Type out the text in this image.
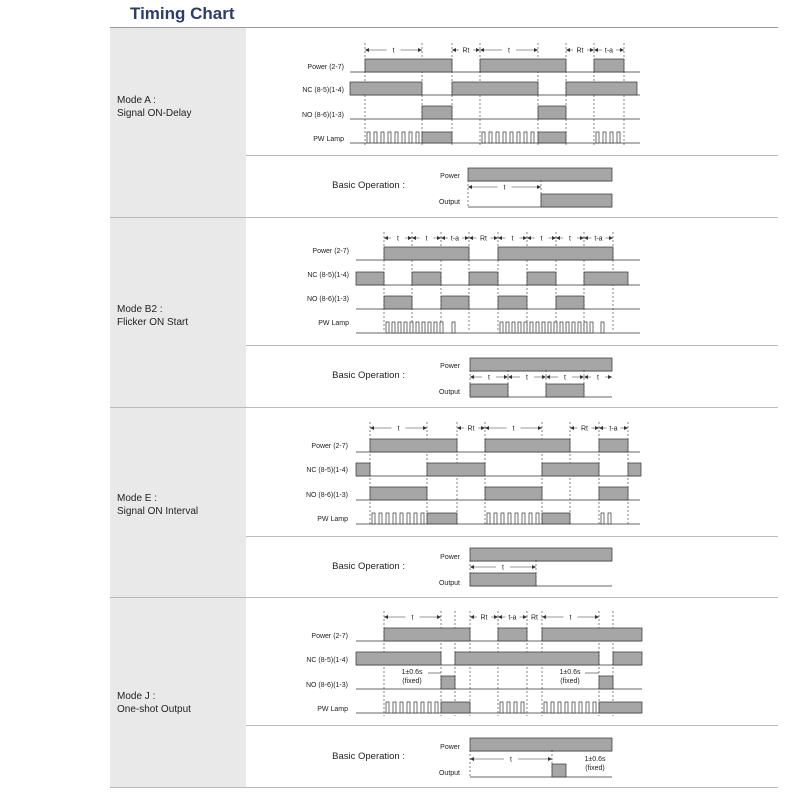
Timing Chart
Mode A :
Signal ON-Delay
Mode B2 :
Flicker ON Start
Mode E :
Signal ON Interval
Mode J :
One-shot Output
Power (2-7)
NC (8-5)(1-4)
NO (8-6)(1-3)
PW Lamp
t	Rt	t	Rt	t-a
Basic Operation :
Power
Output
t
Power (2-7)
NC (8-5)(1-4)
NO (8-6)(1-3)
PW Lamp
t	t	t-a	Rt	t	t	t	t-a
Basic Operation :
Power
Output
t	t	t	t
Power (2-7)
NC (8-5)(1-4)
NO (8-6)(1-3)
PW Lamp
t	Rt	t	Rt	t-a
Basic Operation :
Power
Output
t
Power (2-7)
NC (8-5)(1-4)
NO (8-6)(1-3)
PW Lamp
t	Rt	t-a Rt	t
1±0.6s
(fixed)
1±0.6s
(fixed)
Basic Operation :
Power
Output
t	1±0.6s
(fixed)
